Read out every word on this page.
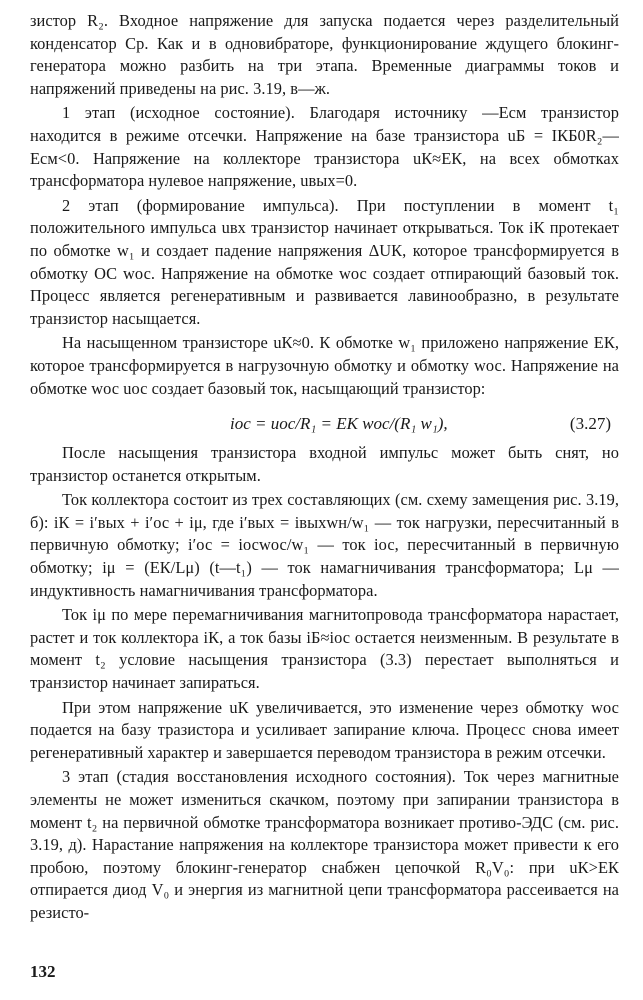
зистор R₂. Входное напряжение для запуска подается через разделительный конденсатор Cр. Как и в одновибраторе, функционирование ждущего блокинг-генератора можно разбить на три этапа. Временные диаграммы токов и напряжений приведены на рис. 3.19, в—ж.

1 этап (исходное состояние). Благодаря источнику —Eсм транзистор находится в режиме отсечки. Напряжение на базе транзистора uБ = IКБ0R₂—Eсм<0. Напряжение на коллекторе транзистора uК≈EК, на всех обмотках трансформатора нулевое напряжение, uвых=0.

2 этап (формирование импульса). При поступлении в момент t₁ положительного импульса uвх транзистор начинает открываться. Ток iК протекает по обмотке w₁ и создает падение напряжения ΔUК, которое трансформируется в обмотку ОС wос. Напряжение на обмотке wос создает отпирающий базовый ток. Процесс является регенеративным и развивается лавинообразно, в результате транзистор насыщается.

На насыщенном транзисторе uК≈0. К обмотке w₁ приложено напряжение EК, которое трансформируется в нагрузочную обмотку и обмотку wос. Напряжение на обмотке wос uос создает базовый ток, насыщающий транзистор:

iос = uос/R₁ = EК wос/(R₁ w₁),	(3.27)

После насыщения транзистора входной импульс может быть снят, но транзистор останется открытым.

Ток коллектора состоит из трех составляющих (см. схему замещения рис. 3.19, б): iК = i′вых + i′ос + iμ, где i′вых = iвыхwн/w₁ — ток нагрузки, пересчитанный в первичную обмотку; i′ос = iосwос/w₁ — ток iос, пересчитанный в первичную обмотку; iμ = (EК/Lμ) (t—t₁) — ток намагничивания трансформатора; Lμ — индуктивность намагничивания трансформатора.

Ток iμ по мере перемагничивания магнитопровода трансформатора нарастает, растет и ток коллектора iК, а ток базы iБ≈iос остается неизменным. В результате в момент t₂ условие насыщения транзистора (3.3) перестает выполняться и транзистор начинает запираться.

При этом напряжение uК увеличивается, это изменение через обмотку wос подается на базу тразистора и усиливает запирание ключа. Процесс снова имеет регенеративный характер и завершается переводом транзистора в режим отсечки.

3 этап (стадия восстановления исходного состояния). Ток через магнитные элементы не может измениться скачком, поэтому при запирании транзистора в момент t₂ на первичной обмотке трансформатора возникает противо-ЭДС (см. рис. 3.19, д). Нарастание напряжения на коллекторе транзистора может привести к его пробою, поэтому блокинг-генератор снабжен цепочкой R₀V₀: при uК>EК отпирается диод V₀ и энергия из магнитной цепи трансформатора рассеивается на резисто-

132
